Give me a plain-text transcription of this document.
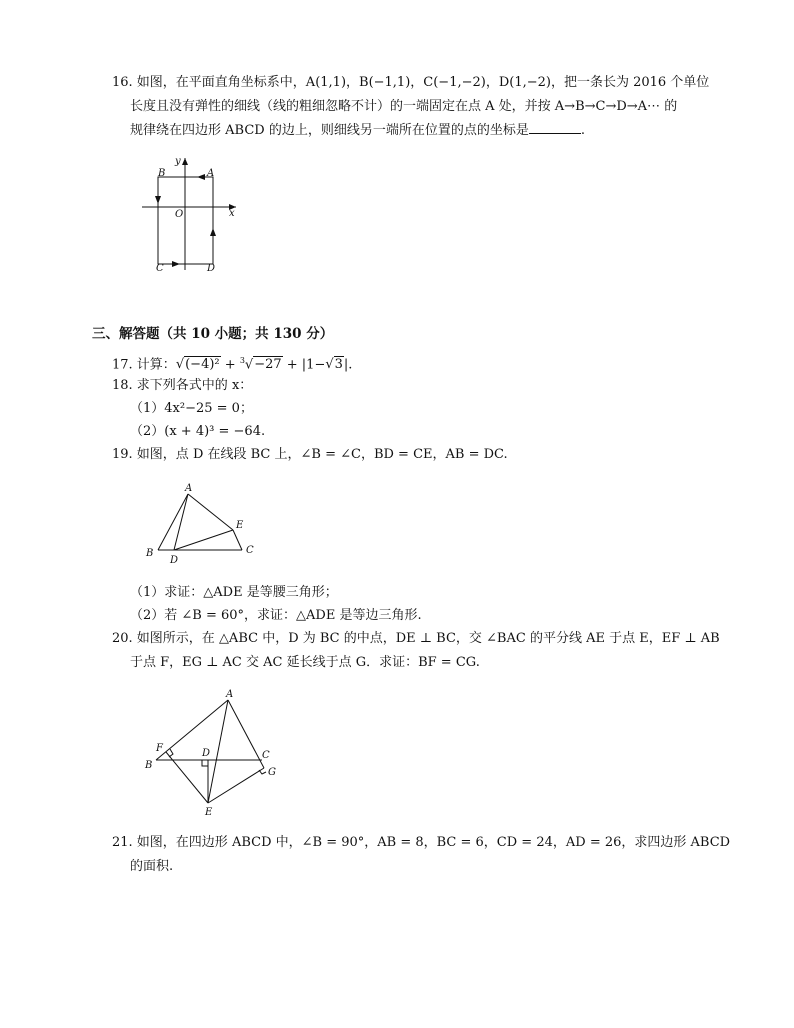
16. 如图，在平面直角坐标系中，A(1,1)，B(−1,1)，C(−1,−2)，D(1,−2)，把一条长为 2016 个单位
长度且没有弹性的细线（线的粗细忽略不计）的一端固定在点 A 处，并按 A→B→C→D→A⋯ 的
规律绕在四边形 ABCD 的边上，则细线另一端所在位置的点的坐标是	.
y
x
O
A
B
C	D
三、解答题（共 10 小题；共 130 分）
17. 计算：√(−4)² + $^3$√−27 + |1−√3|.
18. 求下列各式中的 x：
（1）4x²−25 = 0；
（2）(x + 4)³ = −64.
19. 如图，点 D 在线段 BC 上，∠B = ∠C，BD = CE，AB = DC.
A
B	C
D
E
（1）求证：△ADE 是等腰三角形；
（2）若 ∠B = 60°，求证：△ADE 是等边三角形.
20. 如图所示，在 △ABC 中，D 为 BC 的中点，DE ⊥ BC，交 ∠BAC 的平分线 AE 于点 E，EF ⊥ AB
于点 F，EG ⊥ AC 交 AC 延长线于点 G．求证：BF = CG.
A
B
C
D
E
F
G
21. 如图，在四边形 ABCD 中，∠B = 90°，AB = 8，BC = 6，CD = 24，AD = 26，求四边形 ABCD
的面积.
